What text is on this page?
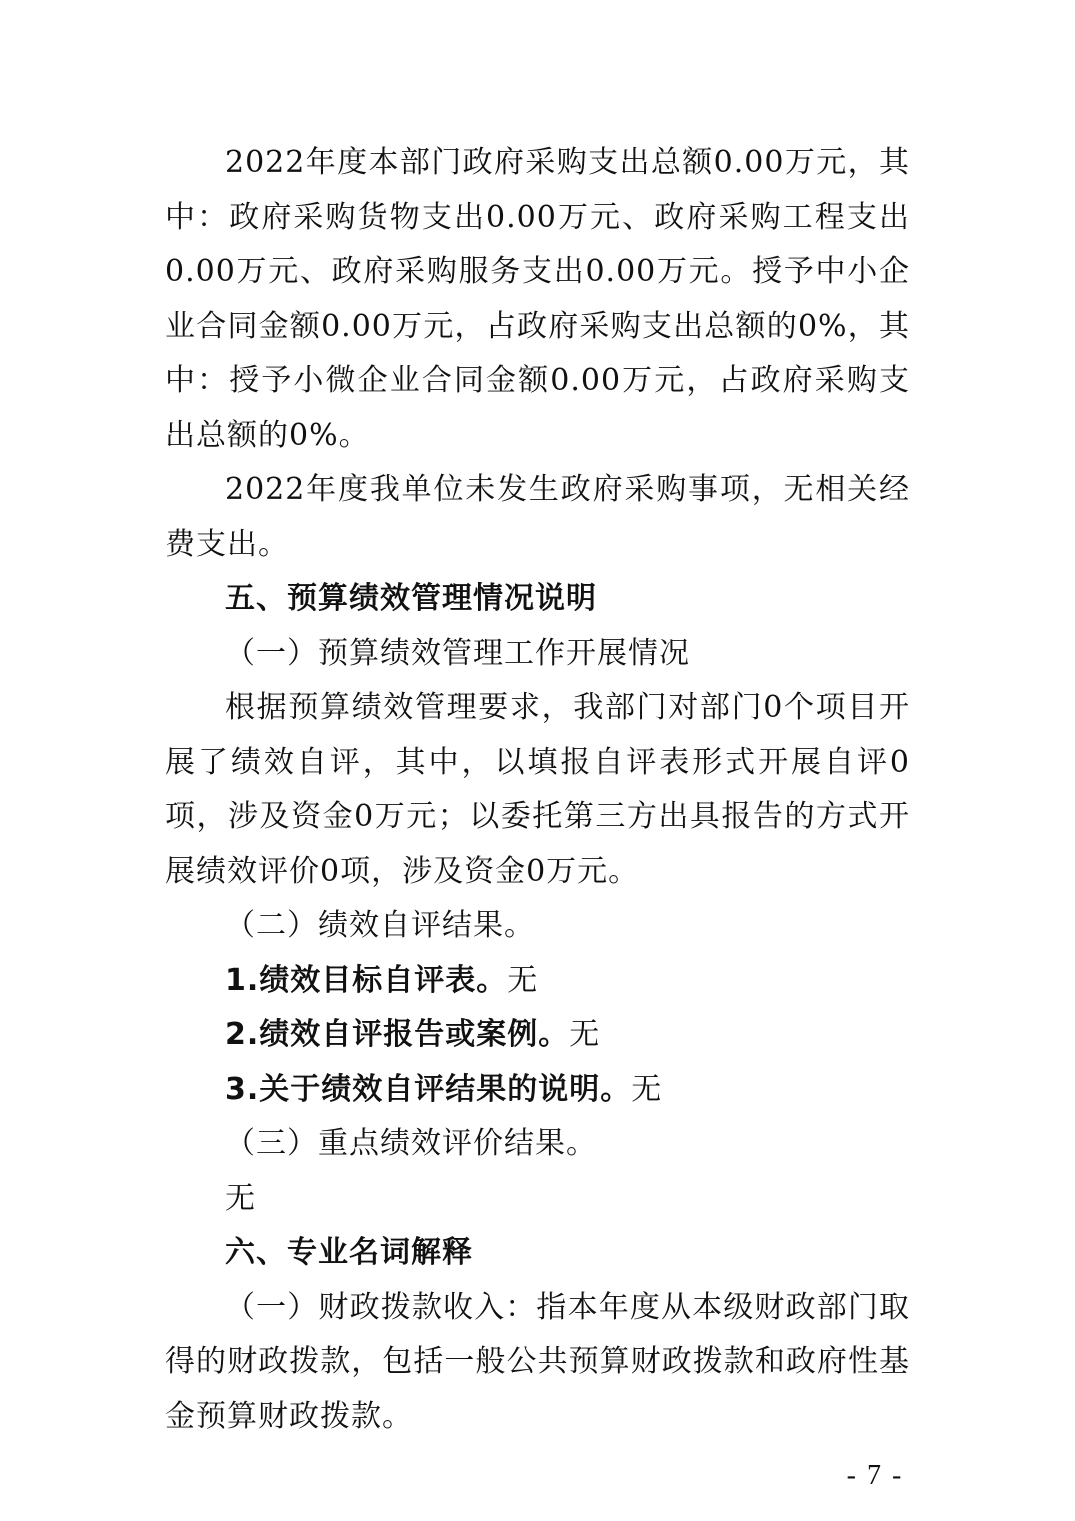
2022年度本部门政府采购支出总额0.00万元，其中：政府采购货物支出0.00万元、政府采购工程支出0.00万元、政府采购服务支出0.00万元。授予中小企业合同金额0.00万元，占政府采购支出总额的0%，其中：授予小微企业合同金额0.00万元，占政府采购支出总额的0%。

2022年度我单位未发生政府采购事项，无相关经费支出。

五、预算绩效管理情况说明

（一）预算绩效管理工作开展情况

根据预算绩效管理要求，我部门对部门0个项目开展了绩效自评，其中，以填报自评表形式开展自评0项，涉及资金0万元；以委托第三方出具报告的方式开展绩效评价0项，涉及资金0万元。

（二）绩效自评结果。

1.绩效目标自评表。无

2.绩效自评报告或案例。无

3.关于绩效自评结果的说明。无

（三）重点绩效评价结果。

无

六、专业名词解释

（一）财政拨款收入：指本年度从本级财政部门取得的财政拨款，包括一般公共预算财政拨款和政府性基金预算财政拨款。

- 7 -
